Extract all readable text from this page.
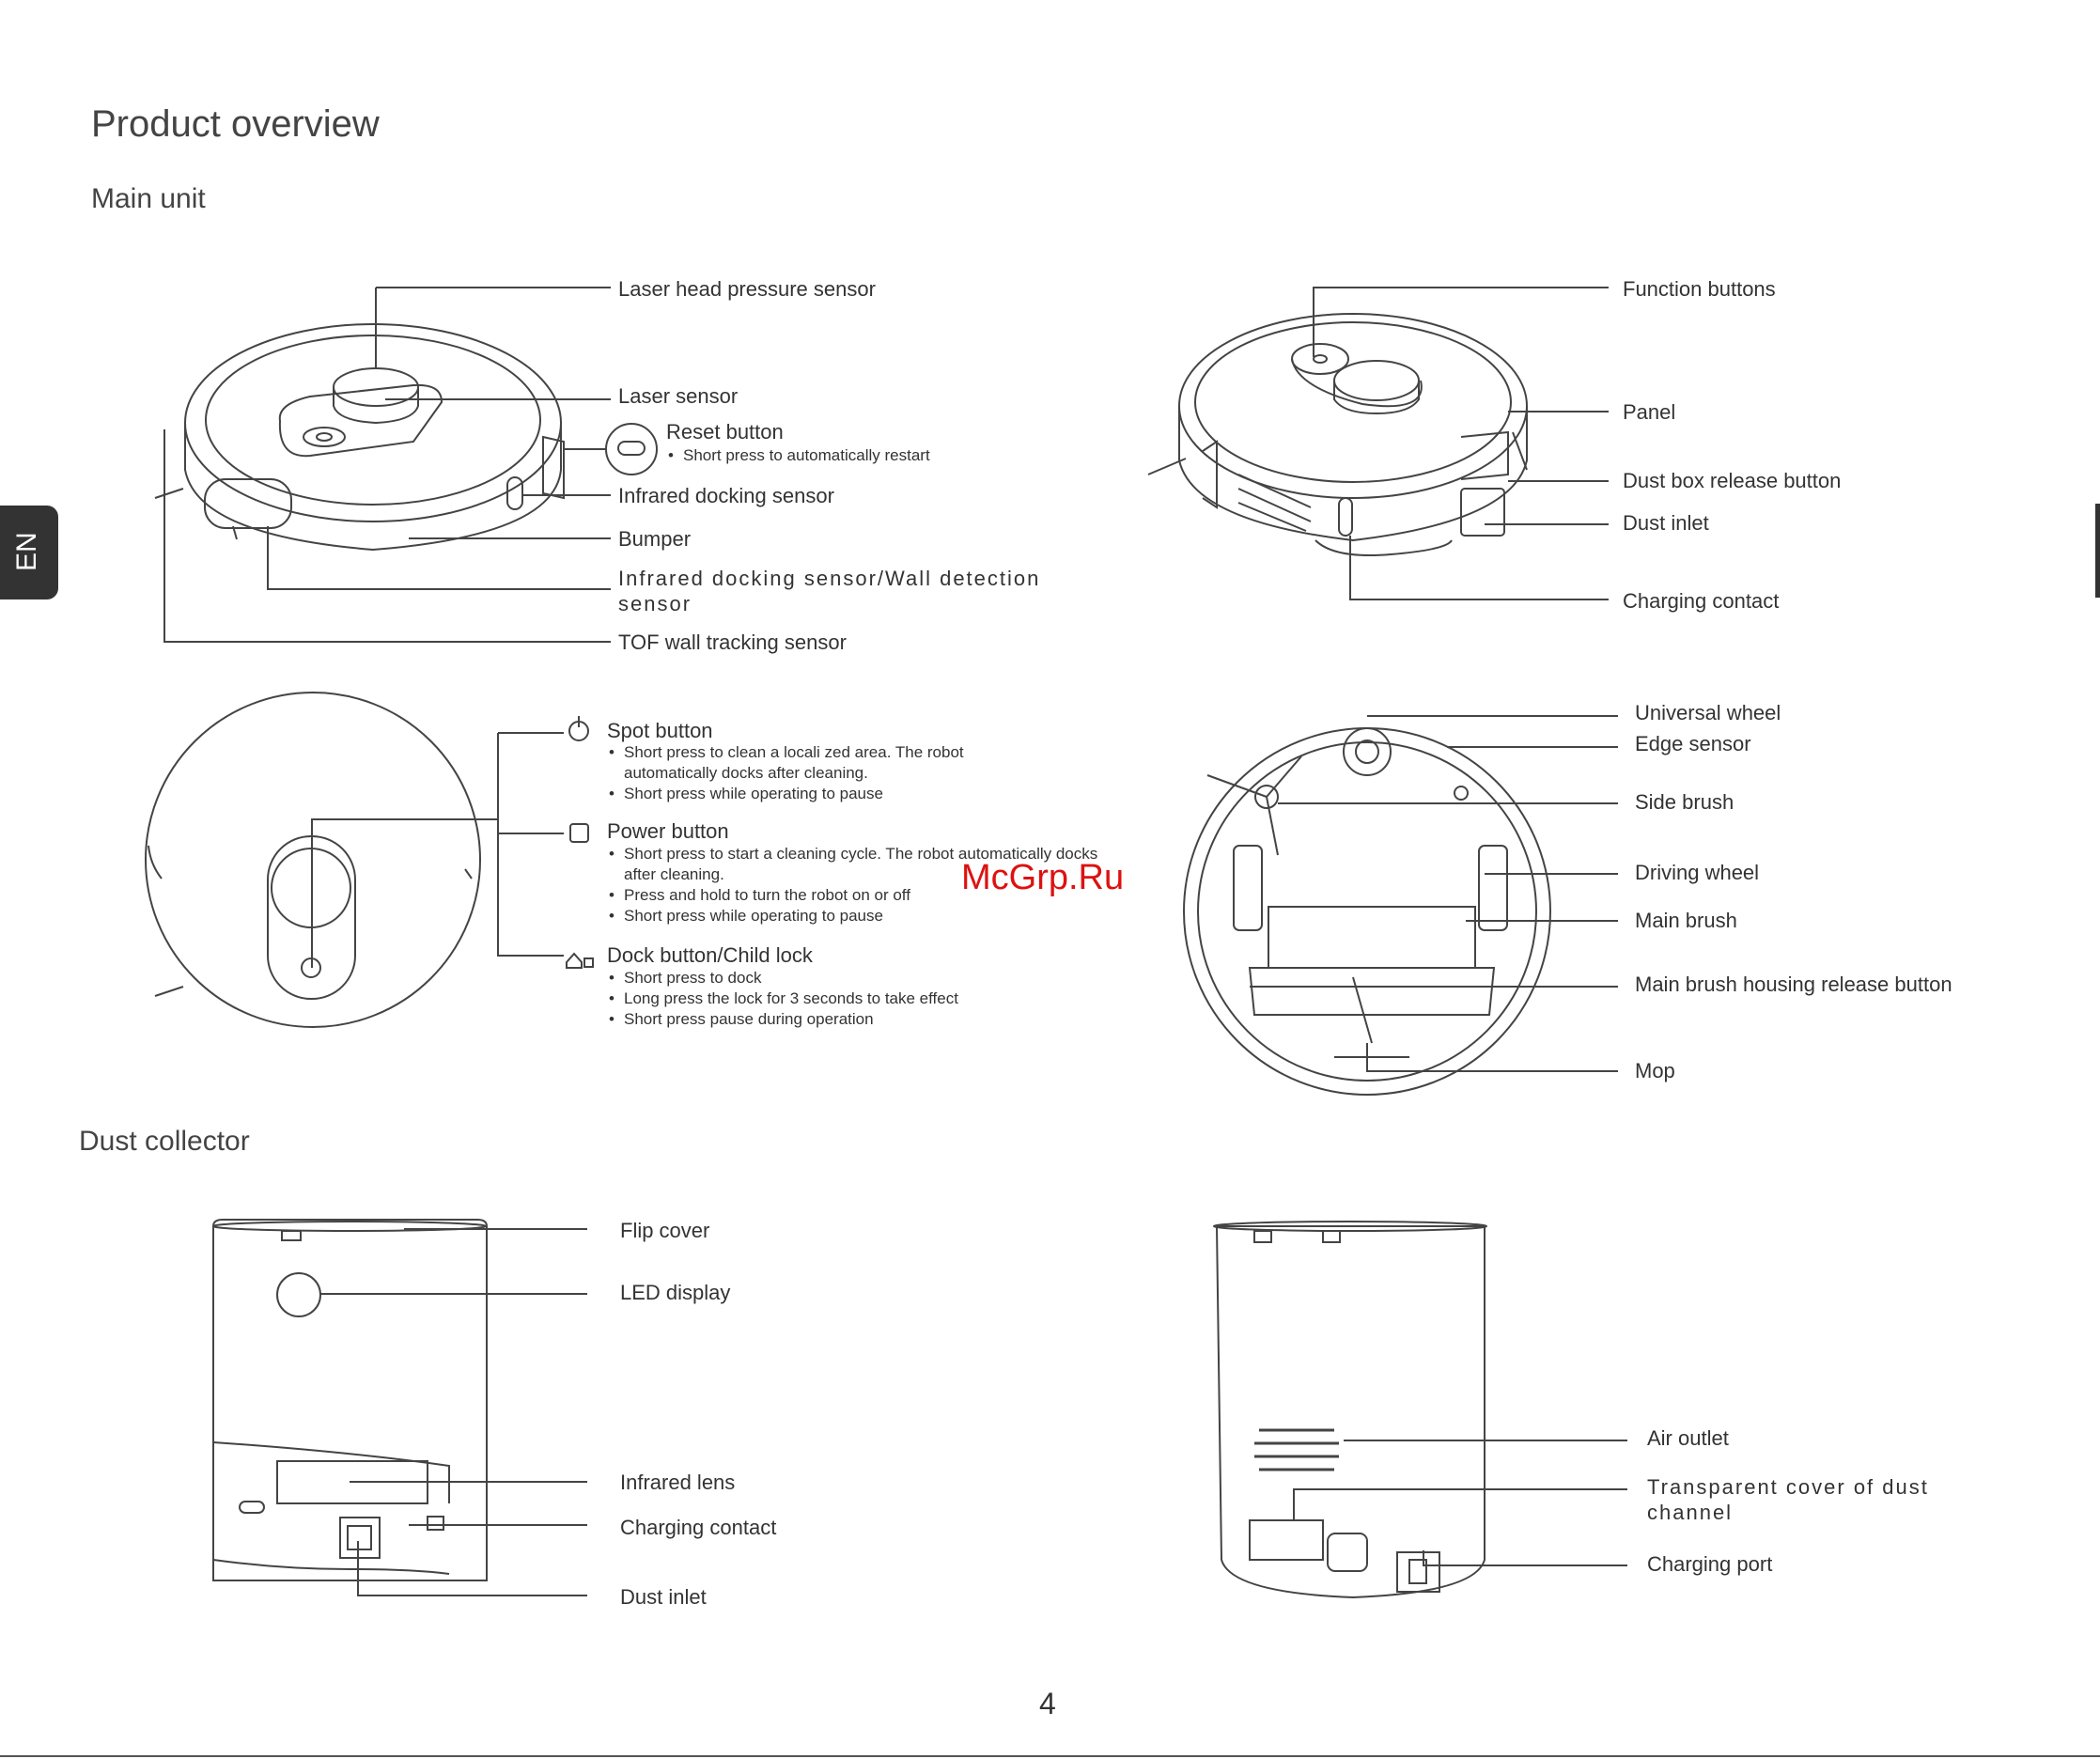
EN
Product overview
Main unit
Dust collector
Laser head pressure sensor
Laser sensor
Reset button
• Short press to automatically restart
Infrared docking sensor
Bumper
Infrared docking sensor/Wall detection sensor
TOF wall tracking sensor
Function buttons
Panel
Dust box release button
Dust inlet
Charging contact
Spot button
• Short press to clean a locali zed area. The robot automatically docks after cleaning.
• Short press while operating to pause
Power button
• Short press to start a cleaning cycle. The robot automatically docks after cleaning.
• Press and hold to turn the robot on or off
• Short press while operating to pause
Dock button/Child lock
• Short press to dock
• Long press the lock for 3 seconds to take effect
• Short press pause during operation
Universal wheel
Edge sensor
Side brush
Driving wheel
Main brush
Main brush housing release button
Mop
Flip cover
LED display
Infrared lens
Charging contact
Dust inlet
Air outlet
Transparent cover of dust channel
Charging port
McGrp.Ru
4
